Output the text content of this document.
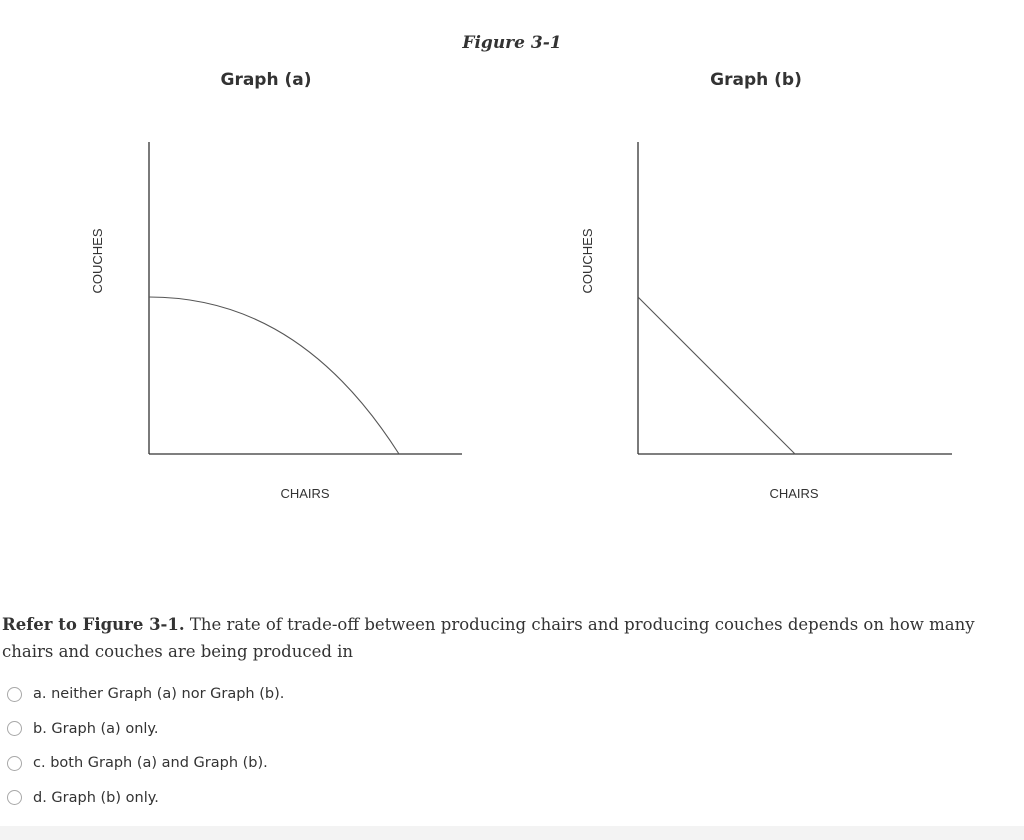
Figure 3-1
Graph (a)	Graph (b)
COUCHES
CHAIRS
COUCHES
CHAIRS
Refer to Figure 3-1. The rate of trade-off between producing chairs and producing couches depends on how many chairs and couches are being produced in
a. neither Graph (a) nor Graph (b).
b. Graph (a) only.
c. both Graph (a) and Graph (b).
d. Graph (b) only.
